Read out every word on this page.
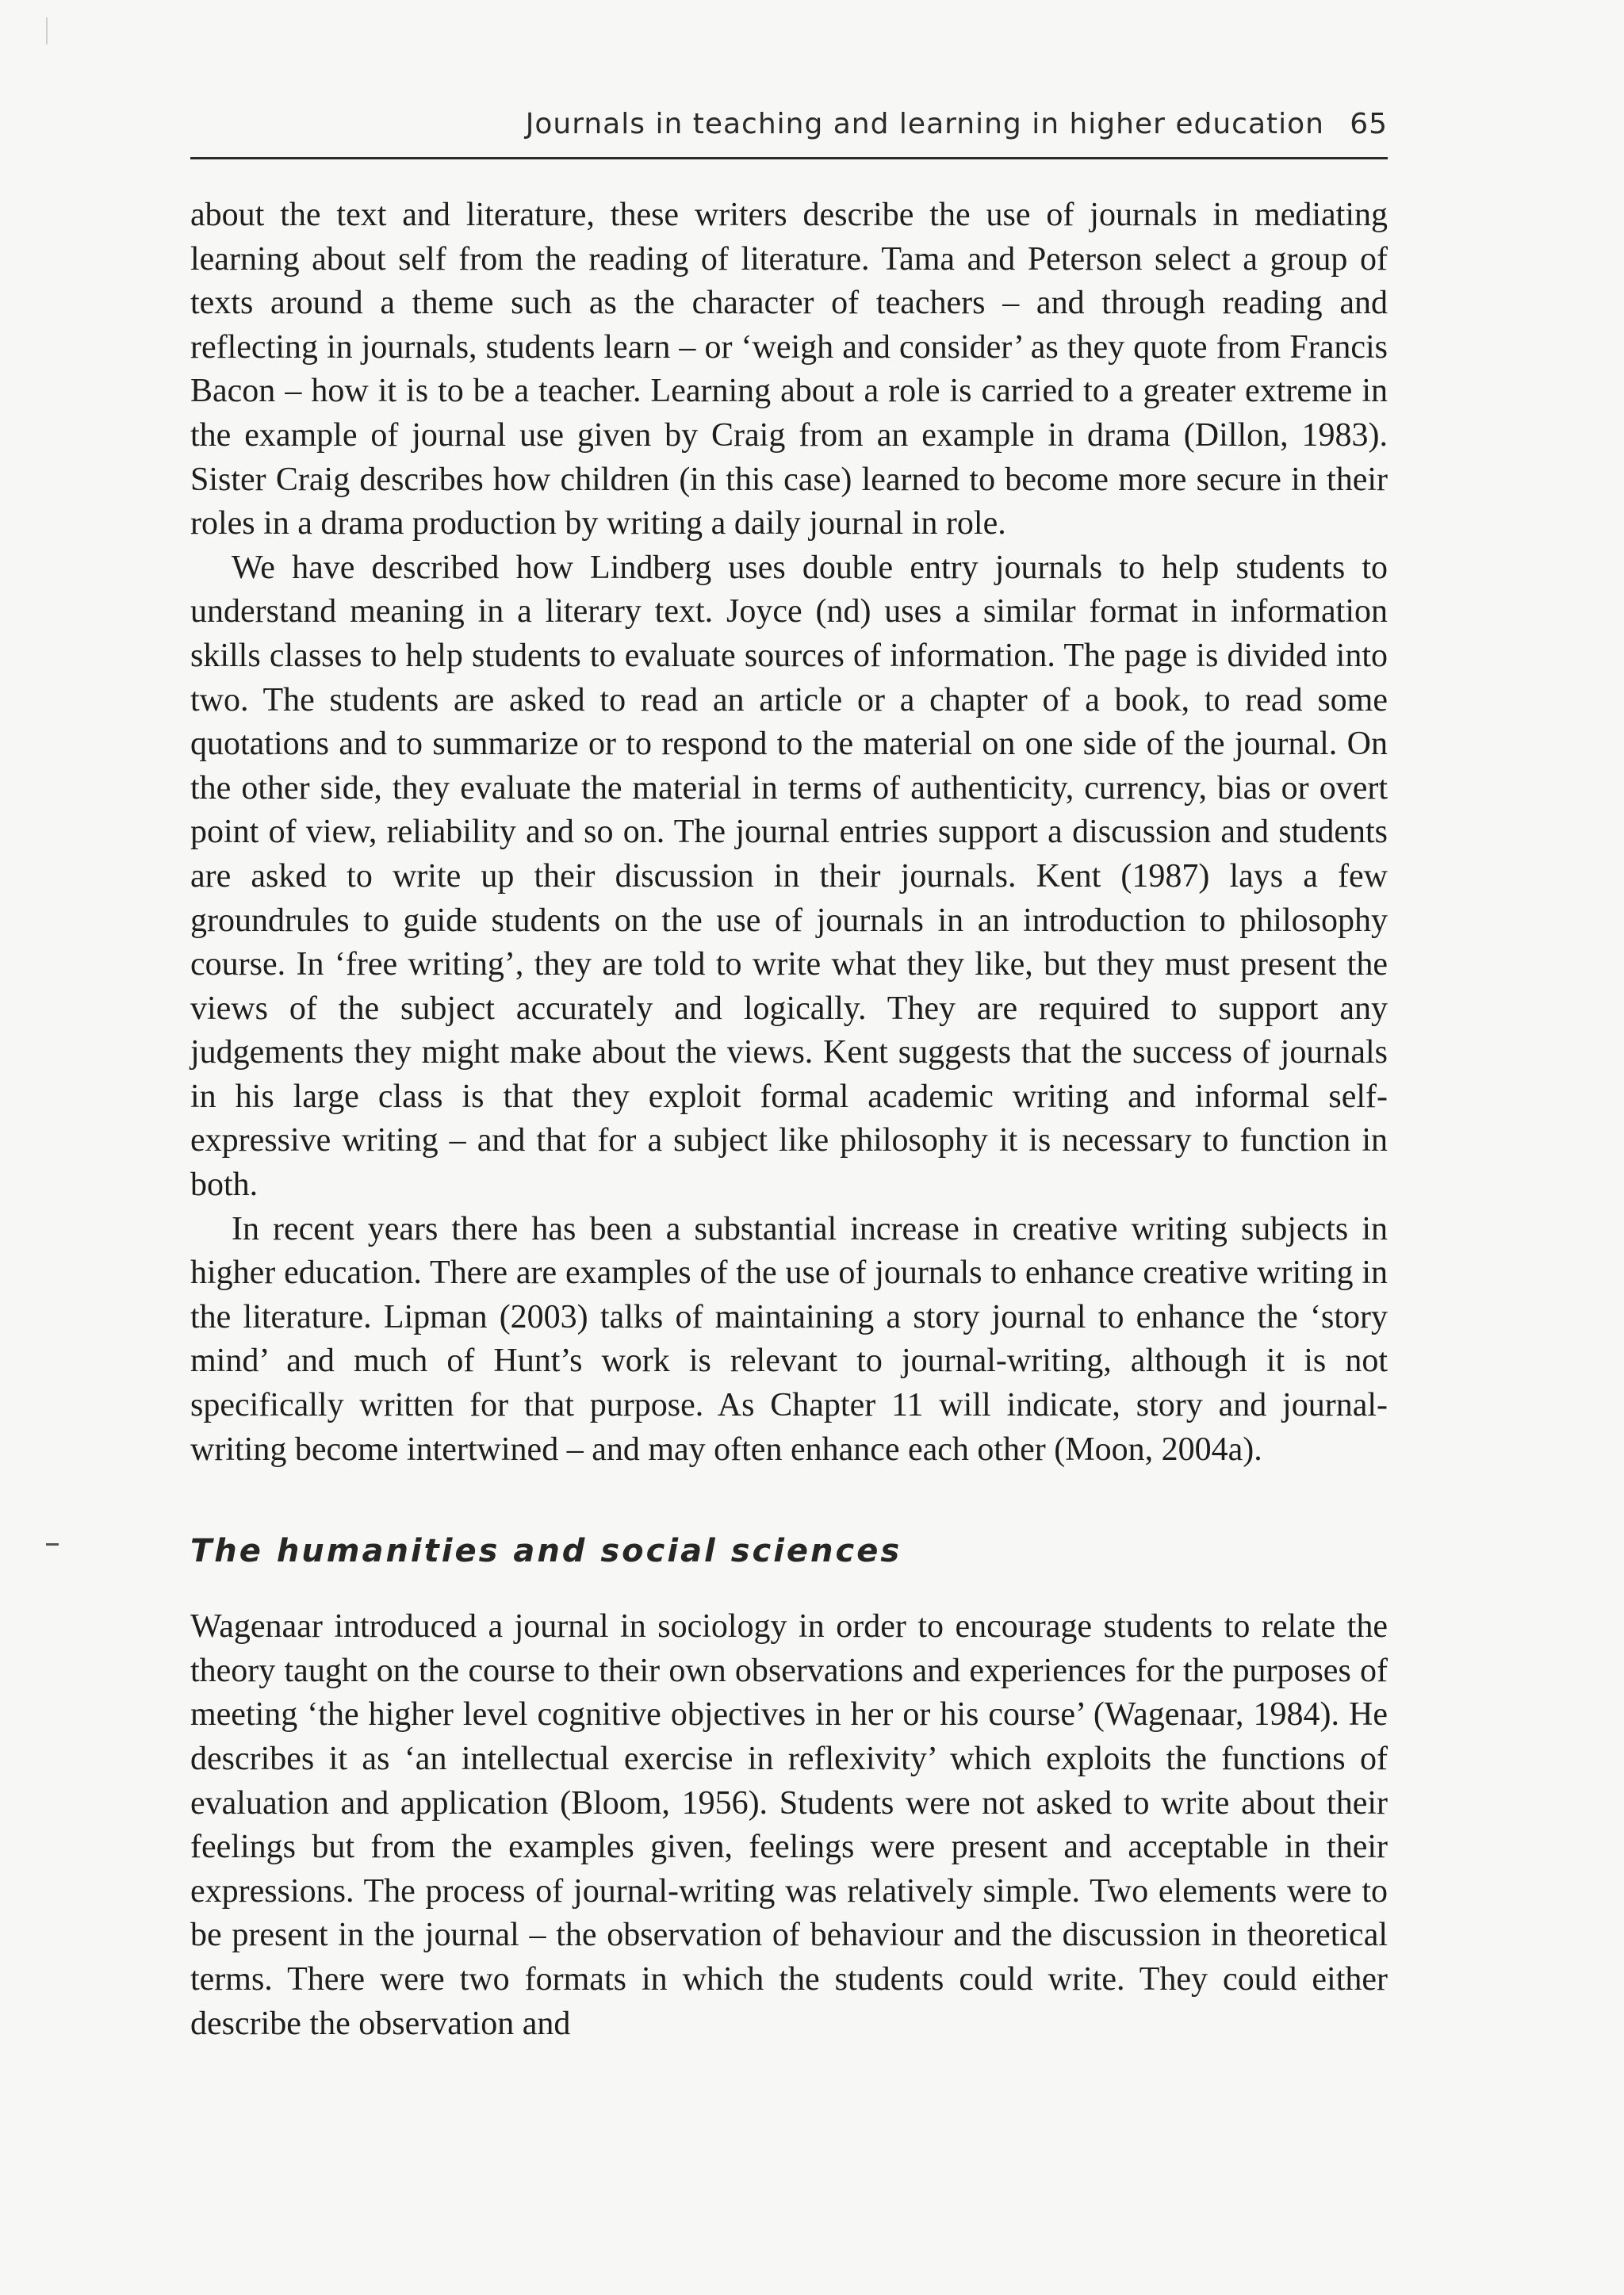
Journals in teaching and learning in higher education 65

about the text and literature, these writers describe the use of journals in mediating learning about self from the reading of literature. Tama and Peterson select a group of texts around a theme such as the character of teachers – and through reading and reflecting in journals, students learn – or ‘weigh and consider’ as they quote from Francis Bacon – how it is to be a teacher. Learning about a role is carried to a greater extreme in the example of journal use given by Craig from an example in drama (Dillon, 1983). Sister Craig describes how children (in this case) learned to become more secure in their roles in a drama production by writing a daily journal in role.

We have described how Lindberg uses double entry journals to help students to understand meaning in a literary text. Joyce (nd) uses a similar format in information skills classes to help students to evaluate sources of information. The page is divided into two. The students are asked to read an article or a chapter of a book, to read some quotations and to summarize or to respond to the material on one side of the journal. On the other side, they evaluate the material in terms of authenticity, currency, bias or overt point of view, reliability and so on. The journal entries support a discussion and students are asked to write up their discussion in their journals. Kent (1987) lays a few groundrules to guide students on the use of journals in an introduction to philosophy course. In ‘free writing’, they are told to write what they like, but they must present the views of the subject accurately and logically. They are required to support any judgements they might make about the views. Kent suggests that the success of journals in his large class is that they exploit formal academic writing and informal self-expressive writing – and that for a subject like philosophy it is necessary to function in both.

In recent years there has been a substantial increase in creative writing subjects in higher education. There are examples of the use of journals to enhance creative writing in the literature. Lipman (2003) talks of maintaining a story journal to enhance the ‘story mind’ and much of Hunt’s work is relevant to journal-writing, although it is not specifically written for that purpose. As Chapter 11 will indicate, story and journal-writing become intertwined – and may often enhance each other (Moon, 2004a).

The humanities and social sciences

Wagenaar introduced a journal in sociology in order to encourage students to relate the theory taught on the course to their own observations and experiences for the purposes of meeting ‘the higher level cognitive objectives in her or his course’ (Wagenaar, 1984). He describes it as ‘an intellectual exercise in reflexivity’ which exploits the functions of evaluation and application (Bloom, 1956). Students were not asked to write about their feelings but from the examples given, feelings were present and acceptable in their expressions. The process of journal-writing was relatively simple. Two elements were to be present in the journal – the observation of behaviour and the discussion in theoretical terms. There were two formats in which the students could write. They could either describe the observation and
